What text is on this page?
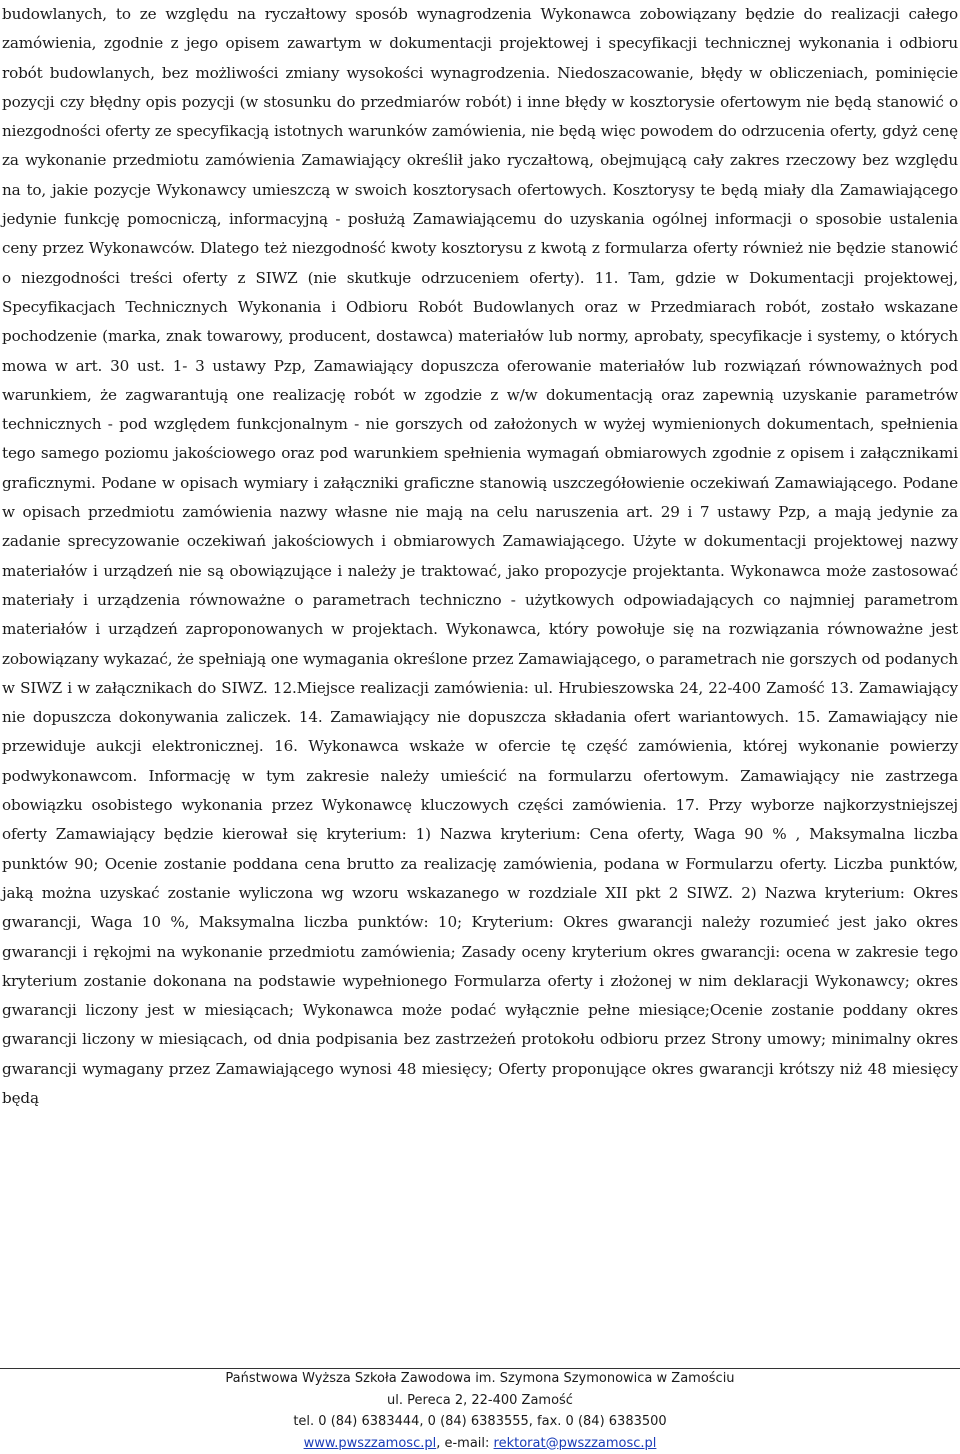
budowlanych, to ze względu na ryczałtowy sposób wynagrodzenia Wykonawca zobowiązany będzie do realizacji całego zamówienia, zgodnie z jego opisem zawartym w dokumentacji projektowej i specyfikacji technicznej wykonania i odbioru robót budowlanych, bez możliwości zmiany wysokości wynagrodzenia. Niedoszacowanie, błędy w obliczeniach, pominięcie pozycji czy błędny opis pozycji (w stosunku do przedmiarów robót) i inne błędy w kosztorysie ofertowym nie będą stanowić o niezgodności oferty ze specyfikacją istotnych warunków zamówienia, nie będą więc powodem do odrzucenia oferty, gdyż cenę za wykonanie przedmiotu zamówienia Zamawiający określił jako ryczałtową, obejmującą cały zakres rzeczowy bez względu na to, jakie pozycje Wykonawcy umieszczą w swoich kosztorysach ofertowych. Kosztorysy te będą miały dla Zamawiającego jedynie funkcję pomocniczą, informacyjną - posłużą Zamawiającemu do uzyskania ogólnej informacji o sposobie ustalenia ceny przez Wykonawców. Dlatego też niezgodność kwoty kosztorysu z kwotą z formularza oferty również nie będzie stanowić o niezgodności treści oferty z SIWZ (nie skutkuje odrzuceniem oferty). 11. Tam, gdzie w Dokumentacji projektowej, Specyfikacjach Technicznych Wykonania i Odbioru Robót Budowlanych oraz w Przedmiarach robót, zostało wskazane pochodzenie (marka, znak towarowy, producent, dostawca) materiałów lub normy, aprobaty, specyfikacje i systemy, o których mowa w art. 30 ust. 1- 3 ustawy Pzp, Zamawiający dopuszcza oferowanie materiałów lub rozwiązań równoważnych pod warunkiem, że zagwarantują one realizację robót w zgodzie z w/w dokumentacją oraz zapewnią uzyskanie parametrów technicznych - pod względem funkcjonalnym - nie gorszych od założonych w wyżej wymienionych dokumentach, spełnienia tego samego poziomu jakościowego oraz pod warunkiem spełnienia wymagań obmiarowych zgodnie z opisem i załącznikami graficznymi. Podane w opisach wymiary i załączniki graficzne stanowią uszczegółowienie oczekiwań Zamawiającego. Podane w opisach przedmiotu zamówienia nazwy własne nie mają na celu naruszenia art. 29 i 7 ustawy Pzp, a mają jedynie za zadanie sprecyzowanie oczekiwań jakościowych i obmiarowych Zamawiającego. Użyte w dokumentacji projektowej nazwy materiałów i urządzeń nie są obowiązujące i należy je traktować, jako propozycje projektanta. Wykonawca może zastosować materiały i urządzenia równoważne o parametrach techniczno - użytkowych odpowiadających co najmniej parametrom materiałów i urządzeń zaproponowanych w projektach. Wykonawca, który powołuje się na rozwiązania równoważne jest zobowiązany wykazać, że spełniają one wymagania określone przez Zamawiającego, o parametrach nie gorszych od podanych w SIWZ i w załącznikach do SIWZ. 12.Miejsce realizacji zamówienia: ul. Hrubieszowska 24, 22-400 Zamość 13. Zamawiający nie dopuszcza dokonywania zaliczek. 14. Zamawiający nie dopuszcza składania ofert wariantowych. 15. Zamawiający nie przewiduje aukcji elektronicznej. 16. Wykonawca wskaże w ofercie tę część zamówienia, której wykonanie powierzy podwykonawcom. Informację w tym zakresie należy umieścić na formularzu ofertowym. Zamawiający nie zastrzega obowiązku osobistego wykonania przez Wykonawcę kluczowych części zamówienia. 17. Przy wyborze najkorzystniejszej oferty Zamawiający będzie kierował się kryterium: 1) Nazwa kryterium: Cena oferty, Waga 90 % , Maksymalna liczba punktów 90; Ocenie zostanie poddana cena brutto za realizację zamówienia, podana w Formularzu oferty. Liczba punktów, jaką można uzyskać zostanie wyliczona wg wzoru wskazanego w rozdziale XII pkt 2 SIWZ. 2) Nazwa kryterium: Okres gwarancji, Waga 10 %, Maksymalna liczba punktów: 10; Kryterium: Okres gwarancji należy rozumieć jest jako okres gwarancji i rękojmi na wykonanie przedmiotu zamówienia; Zasady oceny kryterium okres gwarancji: ocena w zakresie tego kryterium zostanie dokonana na podstawie wypełnionego Formularza oferty i złożonej w nim deklaracji Wykonawcy; okres gwarancji liczony jest w miesiącach; Wykonawca może podać wyłącznie pełne miesiące;Ocenie zostanie poddany okres gwarancji liczony w miesiącach, od dnia podpisania bez zastrzeżeń protokołu odbioru przez Strony umowy; minimalny okres gwarancji wymagany przez Zamawiającego wynosi 48 miesięcy; Oferty proponujące okres gwarancji krótszy niż 48 miesięcy będą

Państwowa Wyższa Szkoła Zawodowa im. Szymona Szymonowica w Zamościu
ul. Pereca 2, 22-400 Zamość
tel. 0 (84) 6383444, 0 (84) 6383555, fax. 0 (84) 6383500
www.pwszzamosc.pl, e-mail: rektorat@pwszzamosc.pl
